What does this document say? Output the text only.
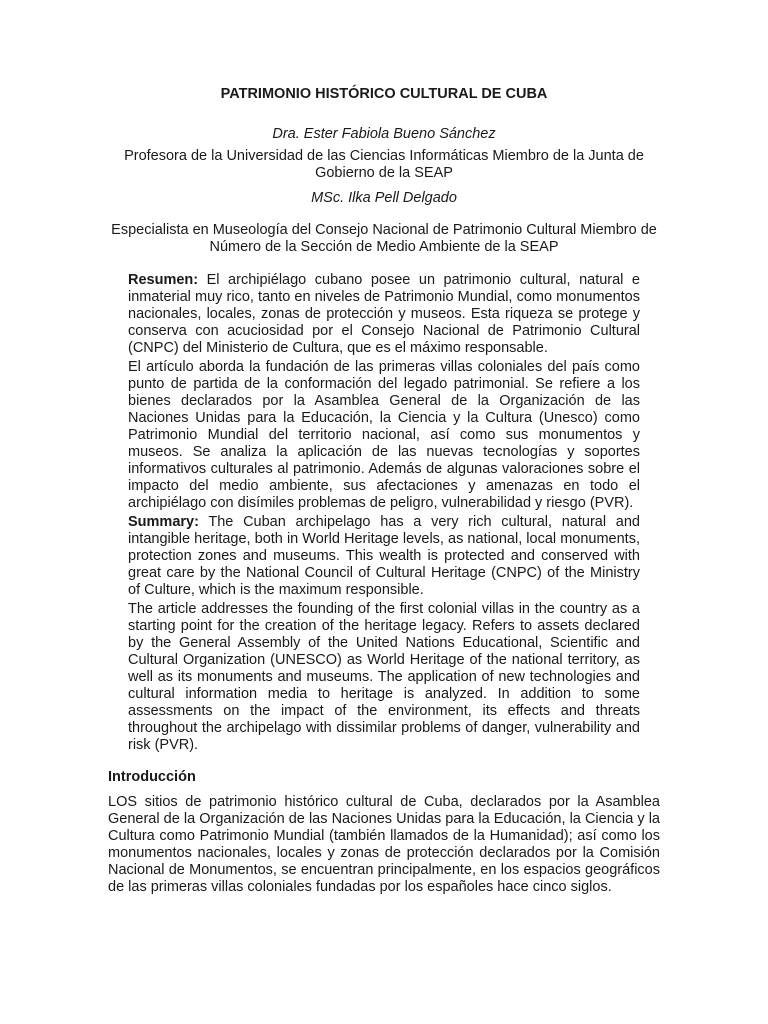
PATRIMONIO HISTÓRICO CULTURAL DE CUBA
Dra. Ester Fabiola Bueno Sánchez
Profesora de la Universidad de las Ciencias Informáticas Miembro de la Junta de Gobierno de la SEAP
MSc. Ilka Pell Delgado
Especialista en Museología del Consejo Nacional de Patrimonio Cultural Miembro de Número de la Sección de Medio Ambiente de la SEAP

Resumen: El archipiélago cubano posee un patrimonio cultural, natural e inmaterial muy rico, tanto en niveles de Patrimonio Mundial, como monumentos nacionales, locales, zonas de protección y museos. Esta riqueza se protege y conserva con acuciosidad por el Consejo Nacional de Patrimonio Cultural (CNPC) del Ministerio de Cultura, que es el máximo responsable.

El artículo aborda la fundación de las primeras villas coloniales del país como punto de partida de la conformación del legado patrimonial. Se refiere a los bienes declarados por la Asamblea General de la Organización de las Naciones Unidas para la Educación, la Ciencia y la Cultura (Unesco) como Patrimonio Mundial del territorio nacional, así como sus monumentos y museos. Se analiza la aplicación de las nuevas tecnologías y soportes informativos culturales al patrimonio. Además de algunas valoraciones sobre el impacto del medio ambiente, sus afectaciones y amenazas en todo el archipiélago con disímiles problemas de peligro, vulnerabilidad y riesgo (PVR).

Summary: The Cuban archipelago has a very rich cultural, natural and intangible heritage, both in World Heritage levels, as national, local monuments, protection zones and museums. This wealth is protected and conserved with great care by the National Council of Cultural Heritage (CNPC) of the Ministry of Culture, which is the maximum responsible.

The article addresses the founding of the first colonial villas in the country as a starting point for the creation of the heritage legacy. Refers to assets declared by the General Assembly of the United Nations Educational, Scientific and Cultural Organization (UNESCO) as World Heritage of the national territory, as well as its monuments and museums. The application of new technologies and cultural information media to heritage is analyzed. In addition to some assessments on the impact of the environment, its effects and threats throughout the archipelago with dissimilar problems of danger, vulnerability and risk (PVR).

Introducción

LOS sitios de patrimonio histórico cultural de Cuba, declarados por la Asamblea General de la Organización de las Naciones Unidas para la Educación, la Ciencia y la Cultura como Patrimonio Mundial (también llamados de la Humanidad); así como los monumentos nacionales, locales y zonas de protección declarados por la Comisión Nacional de Monumentos, se encuentran principalmente, en los espacios geográficos de las primeras villas coloniales fundadas por los españoles hace cinco siglos.
